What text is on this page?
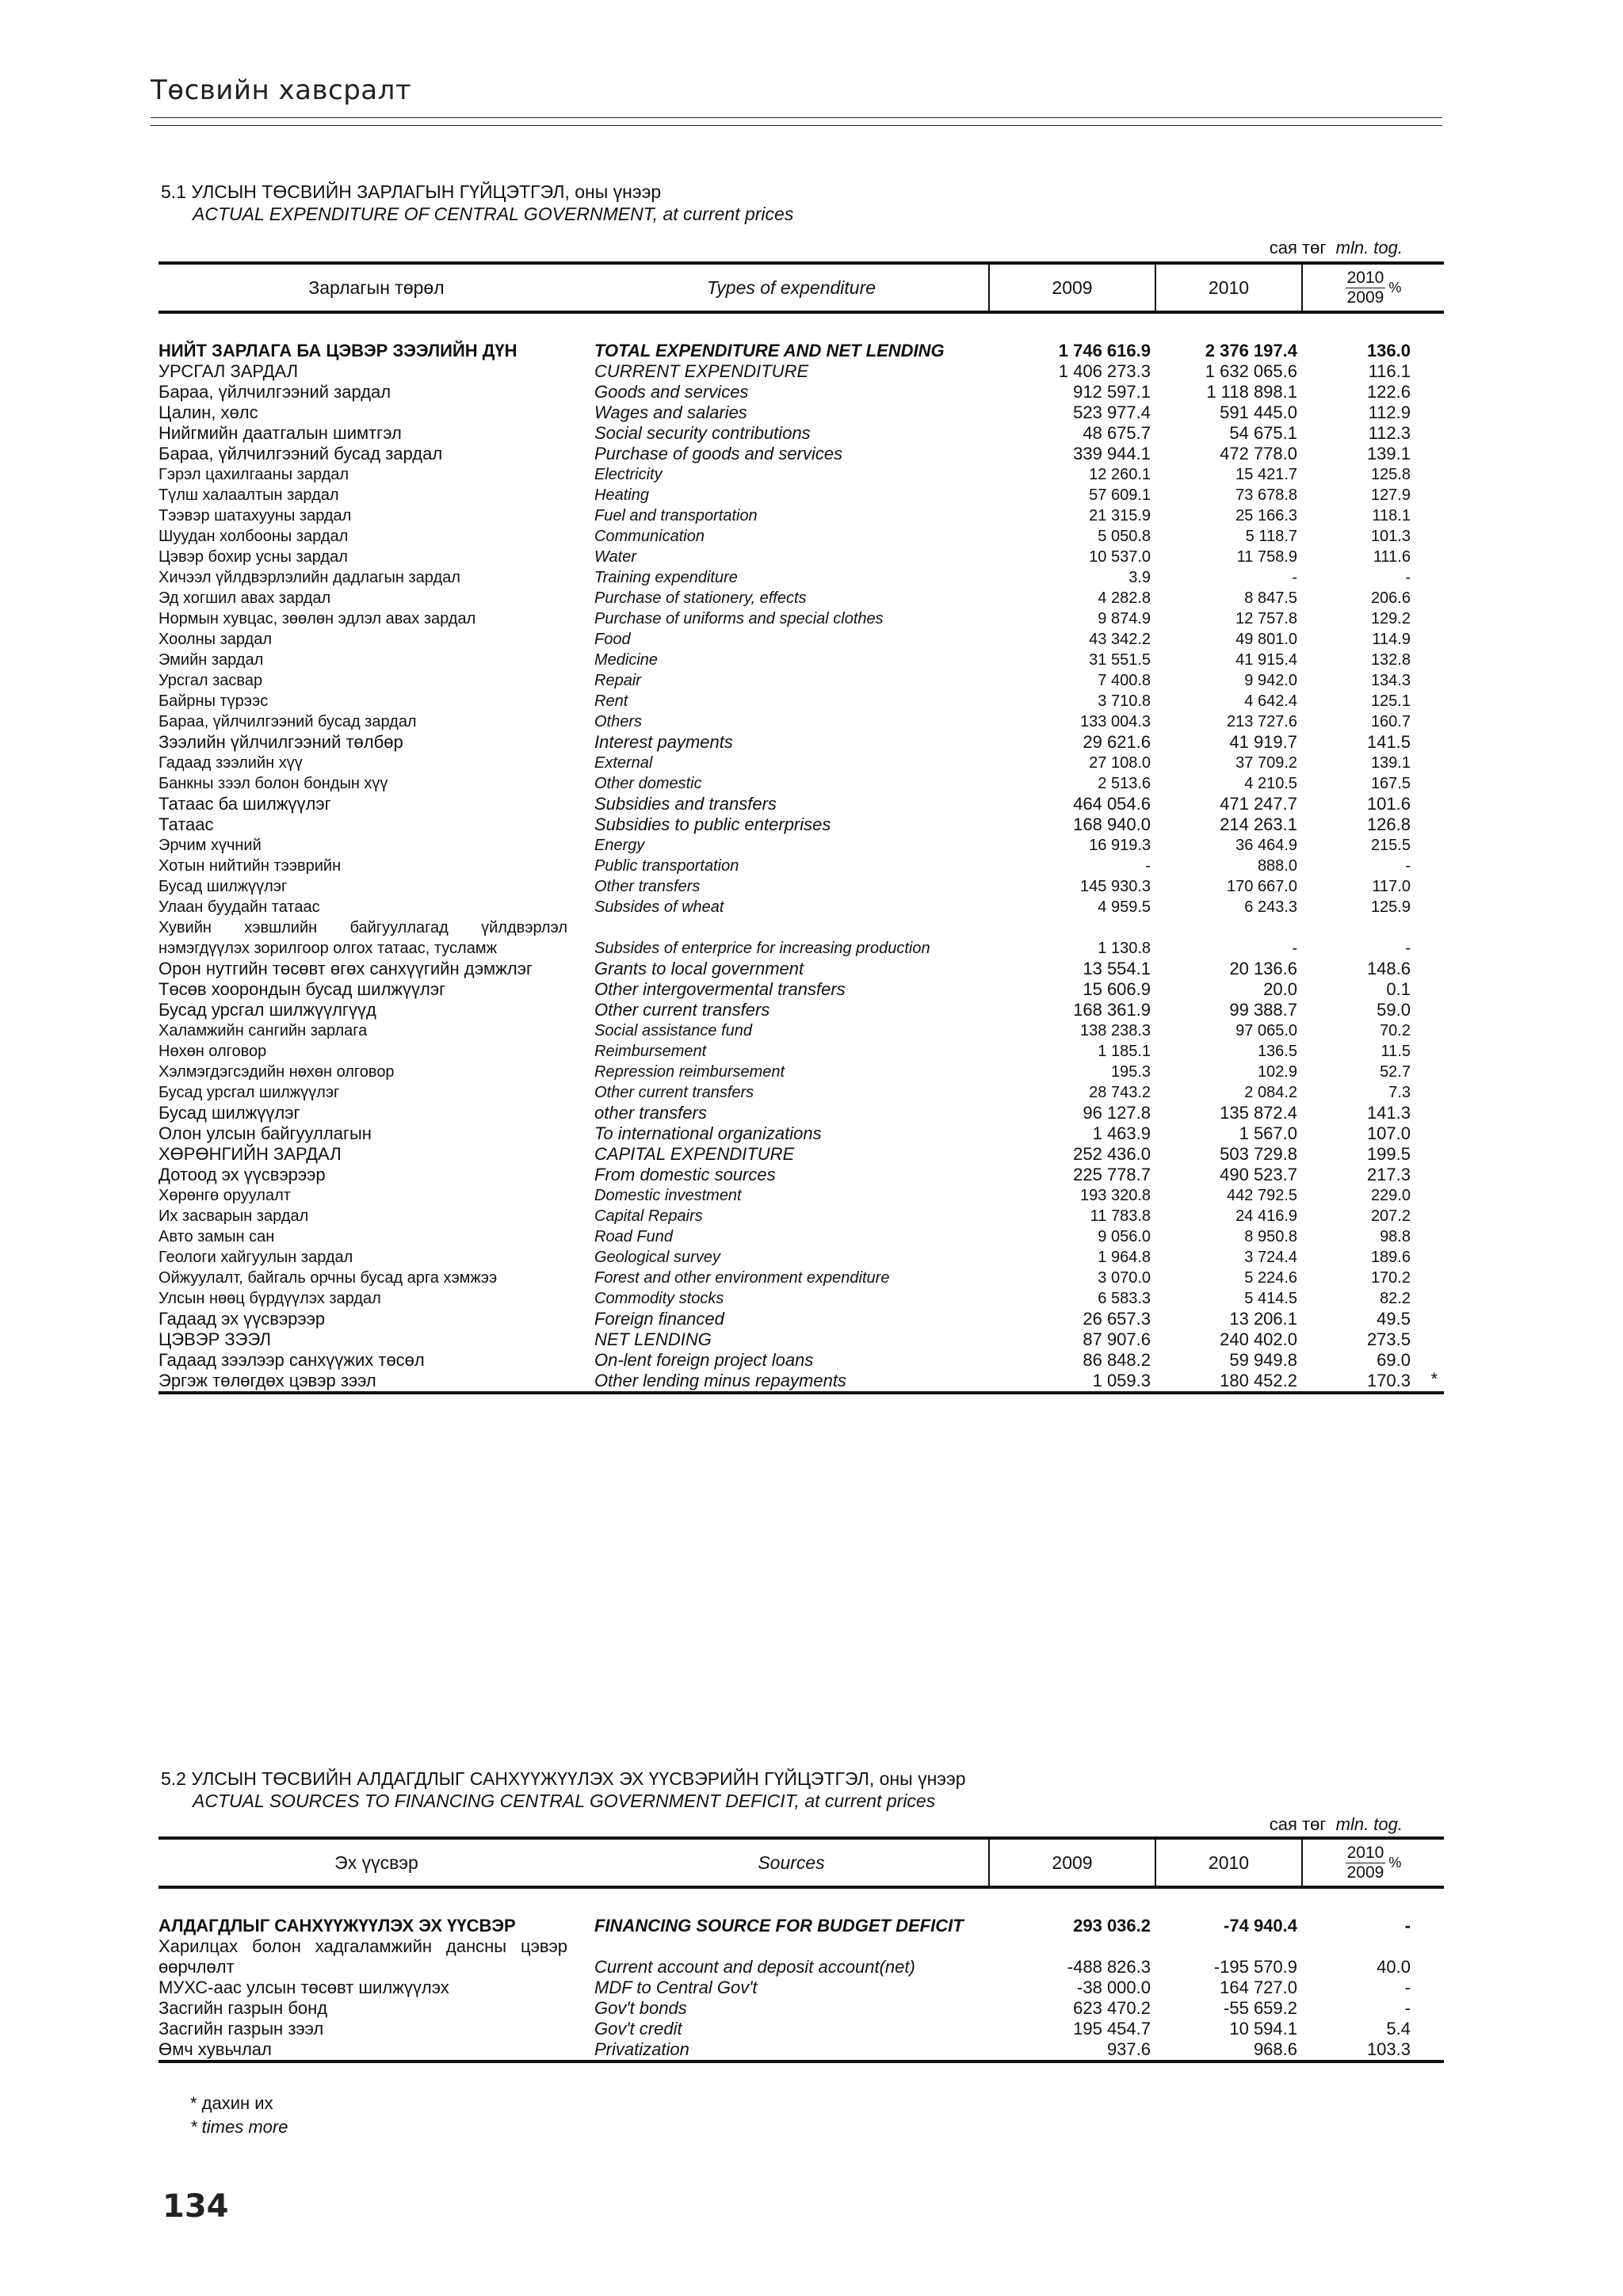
Төсвийн хавсралт
5.1 УЛСЫН ТӨСВИЙН ЗАРЛАГЫН ГҮЙЦЭТГЭЛ, оны үнээр
ACTUAL EXPENDITURE OF CENTRAL GOVERNMENT, at current prices
сая төг mln. tog.
Зарлагын төрөл	Types of expenditure	2009	2010	$\frac{2010}{2009}$ %
НИЙТ ЗАРЛАГА БА ЦЭВЭР ЗЭЭЛИЙН ДҮН	TOTAL EXPENDITURE AND NET LENDING	1 746 616.9	2 376 197.4	136.0
УРСГАЛ ЗАРДАЛ	CURRENT EXPENDITURE	1 406 273.3	1 632 065.6	116.1
Бараа, үйлчилгээний зардал	Goods and services	912 597.1	1 118 898.1	122.6
Цалин, хөлс	Wages and salaries	523 977.4	591 445.0	112.9
Нийгмийн даатгалын шимтгэл	Social security contributions	48 675.7	54 675.1	112.3
Бараа, үйлчилгээний бусад зардал	Purchase of goods and services	339 944.1	472 778.0	139.1
Гэрэл цахилгааны зардал	Electricity	12 260.1	15 421.7	125.8
Түлш халаалтын зардал	Heating	57 609.1	73 678.8	127.9
Тээвэр шатахууны зардал	Fuel and transportation	21 315.9	25 166.3	118.1
Шуудан холбооны зардал	Communication	5 050.8	5 118.7	101.3
Цэвэр бохир усны зардал	Water	10 537.0	11 758.9	111.6
Хичээл үйлдвэрлэлийн дадлагын зардал	Training expenditure	3.9	-	-
Эд хогшил авах зардал	Purchase of stationery, effects	4 282.8	8 847.5	206.6
Нормын хувцас, зөөлөн эдлэл авах зардал	Purchase of uniforms and special clothes	9 874.9	12 757.8	129.2
Хоолны зардал	Food	43 342.2	49 801.0	114.9
Эмийн зардал	Medicine	31 551.5	41 915.4	132.8
Урсгал засвар	Repair	7 400.8	9 942.0	134.3
Байрны түрээс	Rent	3 710.8	4 642.4	125.1
Бараа, үйлчилгээний бусад зардал	Others	133 004.3	213 727.6	160.7
Зээлийн үйлчилгээний төлбөр	Interest payments	29 621.6	41 919.7	141.5
Гадаад зээлийн хүү	External	27 108.0	37 709.2	139.1
Банкны зээл болон бондын хүү	Other domestic	2 513.6	4 210.5	167.5
Татаас ба шилжүүлэг	Subsidies and transfers	464 054.6	471 247.7	101.6
Татаас	Subsidies to public enterprises	168 940.0	214 263.1	126.8
Эрчим хүчний	Energy	16 919.3	36 464.9	215.5
Хотын нийтийн тээврийн	Public transportation	-	888.0	-
Бусад шилжүүлэг	Other transfers	145 930.3	170 667.0	117.0
Улаан буудайн татаас	Subsides of wheat	4 959.5	6 243.3	125.9
Хувийн хэвшлийн байгууллагад үйлдвэрлэл нэмэгдүүлэх зорилгоор олгох татаас, тусламж	Subsides of enterprice for increasing production	1 130.8	-	-
Орон нутгийн төсөвт өгөх санхүүгийн дэмжлэг	Grants to local government	13 554.1	20 136.6	148.6
Төсөв хоорондын бусад шилжүүлэг	Other intergovermental transfers	15 606.9	20.0	0.1
Бусад урсгал шилжүүлгүүд	Other current transfers	168 361.9	99 388.7	59.0
Халамжийн сангийн зарлага	Social assistance fund	138 238.3	97 065.0	70.2
Нөхөн олговор	Reimbursement	1 185.1	136.5	11.5
Хэлмэгдэгсэдийн нөхөн олговор	Repression reimbursement	195.3	102.9	52.7
Бусад урсгал шилжүүлэг	Other current transfers	28 743.2	2 084.2	7.3
Бусад шилжүүлэг	other transfers	96 127.8	135 872.4	141.3
Олон улсын байгууллагын	To international organizations	1 463.9	1 567.0	107.0
ХӨРӨНГИЙН ЗАРДАЛ	CAPITAL EXPENDITURE	252 436.0	503 729.8	199.5
Дотоод эх үүсвэрээр	From domestic sources	225 778.7	490 523.7	217.3
Хөрөнгө оруулалт	Domestic investment	193 320.8	442 792.5	229.0
Их засварын зардал	Capital Repairs	11 783.8	24 416.9	207.2
Авто замын сан	Road Fund	9 056.0	8 950.8	98.8
Геологи хайгуулын зардал	Geological survey	1 964.8	3 724.4	189.6
Ойжуулалт, байгаль орчны бусад арга хэмжээ	Forest and other environment expenditure	3 070.0	5 224.6	170.2
Улсын нөөц бүрдүүлэх зардал	Commodity stocks	6 583.3	5 414.5	82.2
Гадаад эх үүсвэрээр	Foreign financed	26 657.3	13 206.1	49.5
ЦЭВЭР ЗЭЭЛ	NET LENDING	87 907.6	240 402.0	273.5
Гадаад зээлээр санхүүжих төсөл	On-lent foreign project loans	86 848.2	59 949.8	69.0
Эргэж төлөгдөх цэвэр зээл	Other lending minus repayments	1 059.3	180 452.2	170.3 *
5.2 УЛСЫН ТӨСВИЙН АЛДАГДЛЫГ САНХҮҮЖҮҮЛЭХ ЭХ ҮҮСВЭРИЙН ГҮЙЦЭТГЭЛ, оны үнээр
ACTUAL SOURCES TO FINANCING CENTRAL GOVERNMENT DEFICIT, at current prices
сая төг mln. tog.
Эх үүсвэр	Sources	2009	2010	$\frac{2010}{2009}$ %
АЛДАГДЛЫГ САНХҮҮЖҮҮЛЭХ ЭХ ҮҮСВЭР	FINANCING SOURCE FOR BUDGET DEFICIT	293 036.2	-74 940.4	-
Харилцах болон хадгаламжийн дансны цэвэр өөрчлөлт	Current account and deposit account(net)	-488 826.3	-195 570.9	40.0
МУХС-аас улсын төсөвт шилжүүлэх	MDF to Central Gov't	-38 000.0	164 727.0	-
Засгийн газрын бонд	Gov't bonds	623 470.2	-55 659.2	-
Засгийн газрын зээл	Gov't credit	195 454.7	10 594.1	5.4
Өмч хувьчлал	Privatization	937.6	968.6	103.3
* дахин их
* times more
134
